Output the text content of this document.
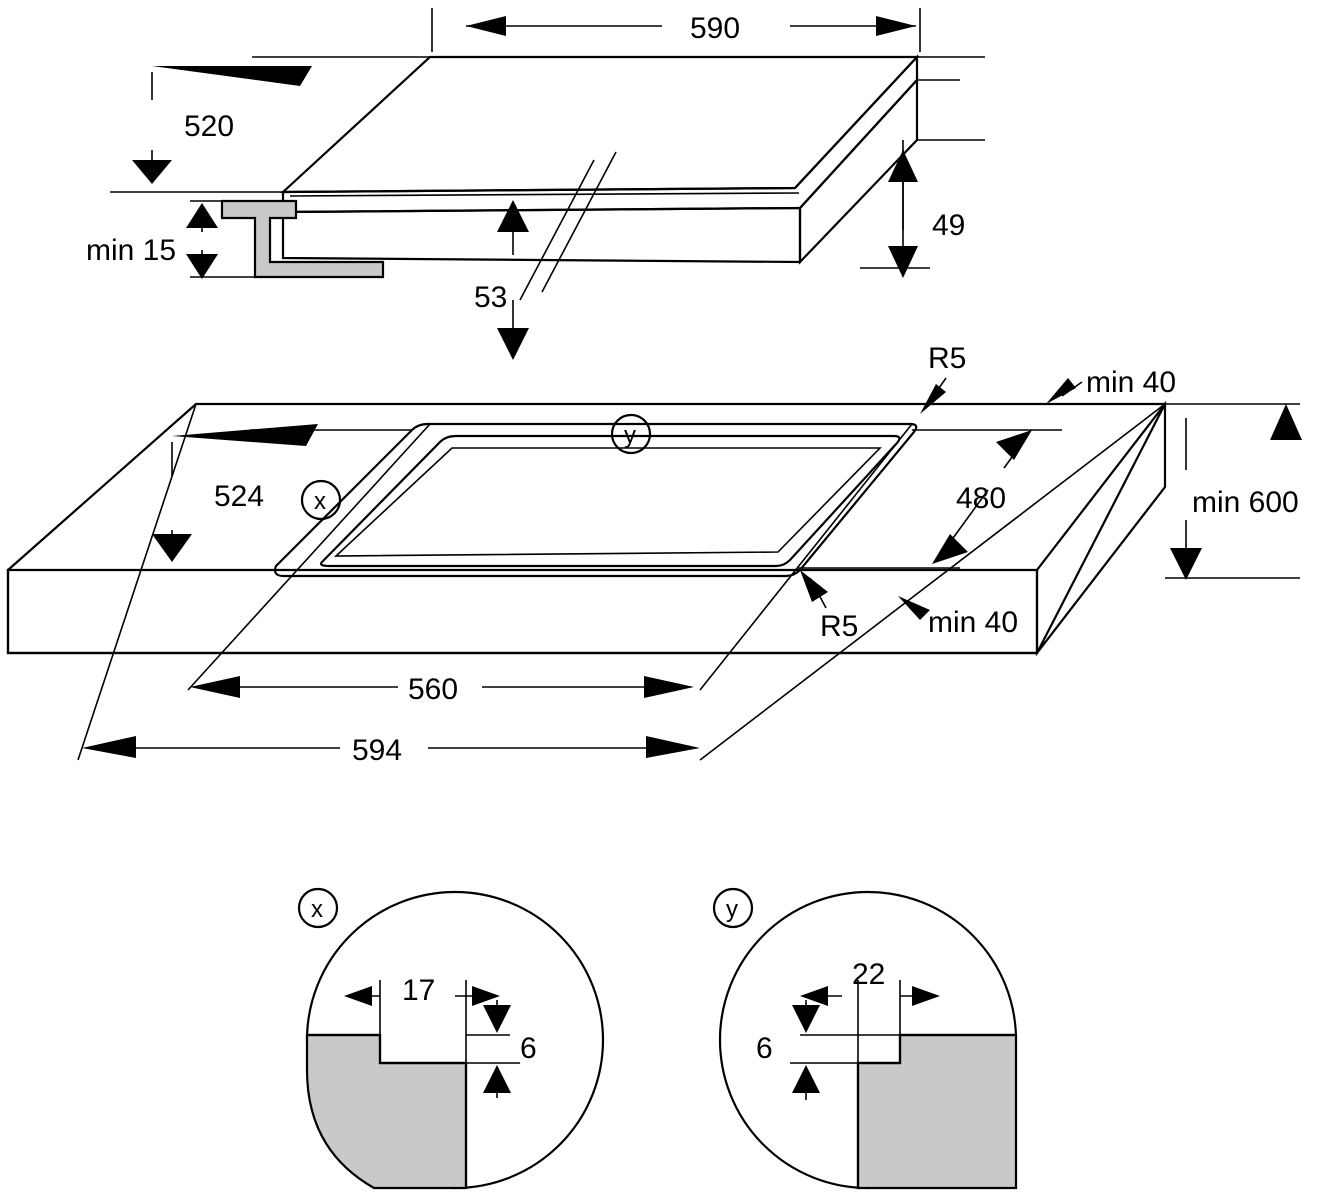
590
520
min 15
49
53
R5
min 40
480	min 600
524
R5 min 40
560
594
y
x
x
17
6
y
22
6
